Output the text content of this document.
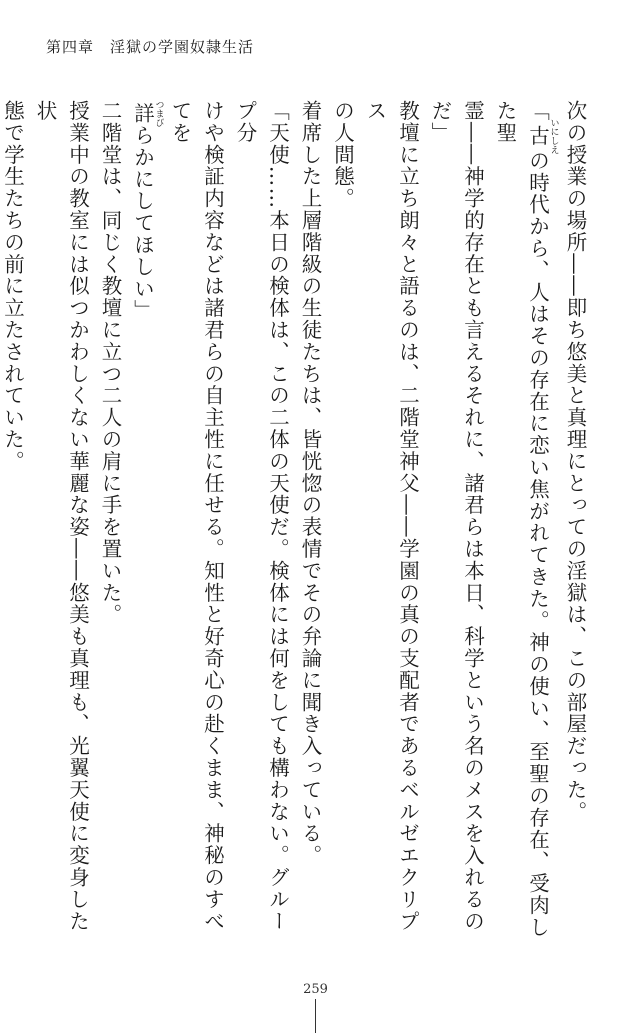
第四章　淫獄の学園奴隷生活

次の授業の場所――即ち悠美と真理にとっての淫獄は、この部屋だった。

「古 いにしえの時代から、人はその存在に恋い焦がれてきた。神の使い、至聖の存在、受肉した聖

霊――神学的存在とも言えるそれに、諸君らは本日、科学という名のメスを入れるのだ」

教壇に立ち朗々と語るのは、二階堂神父――学園の真の支配者であるベルゼエクリプス

の人間態。

着席した上層階級の生徒たちは、皆恍惚の表情でその弁論に聞き入っている。

「天使……本日の検体は、この二体の天使だ。検体には何をしても構わない。グループ分

けや検証内容などは諸君らの自主性に任せる。知性と好奇心の赴くまま、神秘のすべてを

詳 つまびらかにしてほしい」

二階堂は、同じく教壇に立つ二人の肩に手を置いた。

授業中の教室には似つかわしくない華麗な姿――悠美も真理も、光翼天使に変身した状

態で学生たちの前に立たされていた。

259
